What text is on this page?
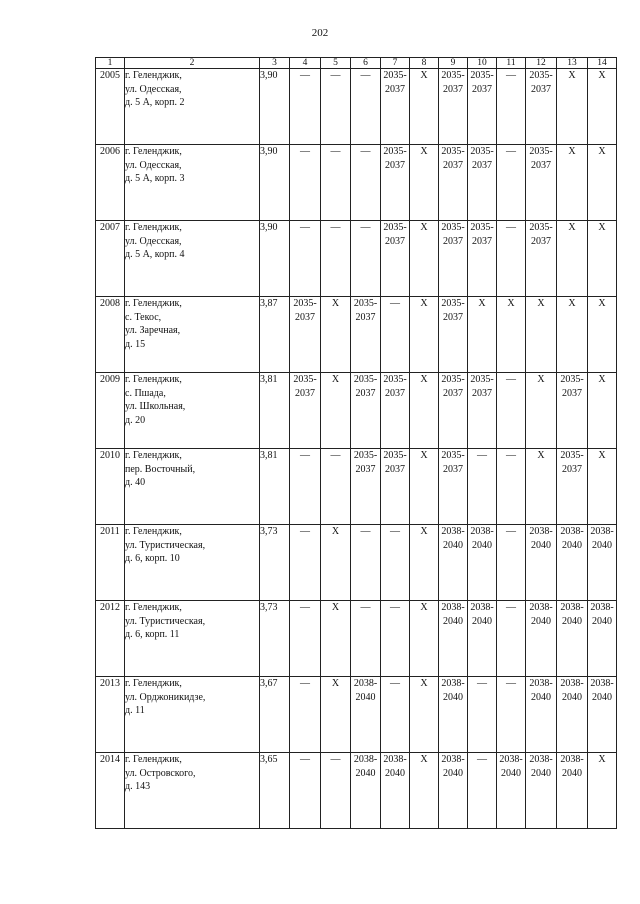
202
1	2	3	4	5	6	7	8	9	10	11	12	13	14
2005	г. Геленджик,
ул. Одесская,
д. 5 А, корп. 2	3,90	—	—	—	2035-
2037	X	2035-
2037	2035-
2037	—	2035-
2037	X	X
2006	г. Геленджик,
ул. Одесская,
д. 5 А, корп. 3	3,90	—	—	—	2035-
2037	X	2035-
2037	2035-
2037	—	2035-
2037	X	X
2007	г. Геленджик,
ул. Одесская,
д. 5 А, корп. 4	3,90	—	—	—	2035-
2037	X	2035-
2037	2035-
2037	—	2035-
2037	X	X
2008	г. Геленджик,
с. Текос,
ул. Заречная,
д. 15	3,87	2035-
2037	X	2035-
2037	—	X	2035-
2037	X	X	X	X	X
2009	г. Геленджик,
с. Пшада,
ул. Школьная,
д. 20	3,81	2035-
2037	X	2035-
2037	2035-
2037	X	2035-
2037	2035-
2037	—	X	2035-
2037	X
2010	г. Геленджик,
пер. Восточный,
д. 40	3,81	—	—	2035-
2037	2035-
2037	X	2035-
2037	—	—	X	2035-
2037	X
2011	г. Геленджик,
ул. Туристическая,
д. 6, корп. 10	3,73	—	X	—	—	X	2038-
2040	2038-
2040	—	2038-
2040	2038-
2040	2038-
2040
2012	г. Геленджик,
ул. Туристическая,
д. 6, корп. 11	3,73	—	X	—	—	X	2038-
2040	2038-
2040	—	2038-
2040	2038-
2040	2038-
2040
2013	г. Геленджик,
ул. Орджоникидзе,
д. 11	3,67	—	X	2038-
2040	—	X	2038-
2040	—	—	2038-
2040	2038-
2040	2038-
2040
2014	г. Геленджик,
ул. Островского,
д. 143	3,65	—	—	2038-
2040	2038-
2040	X	2038-
2040	—	2038-
2040	2038-
2040	2038-
2040	X
